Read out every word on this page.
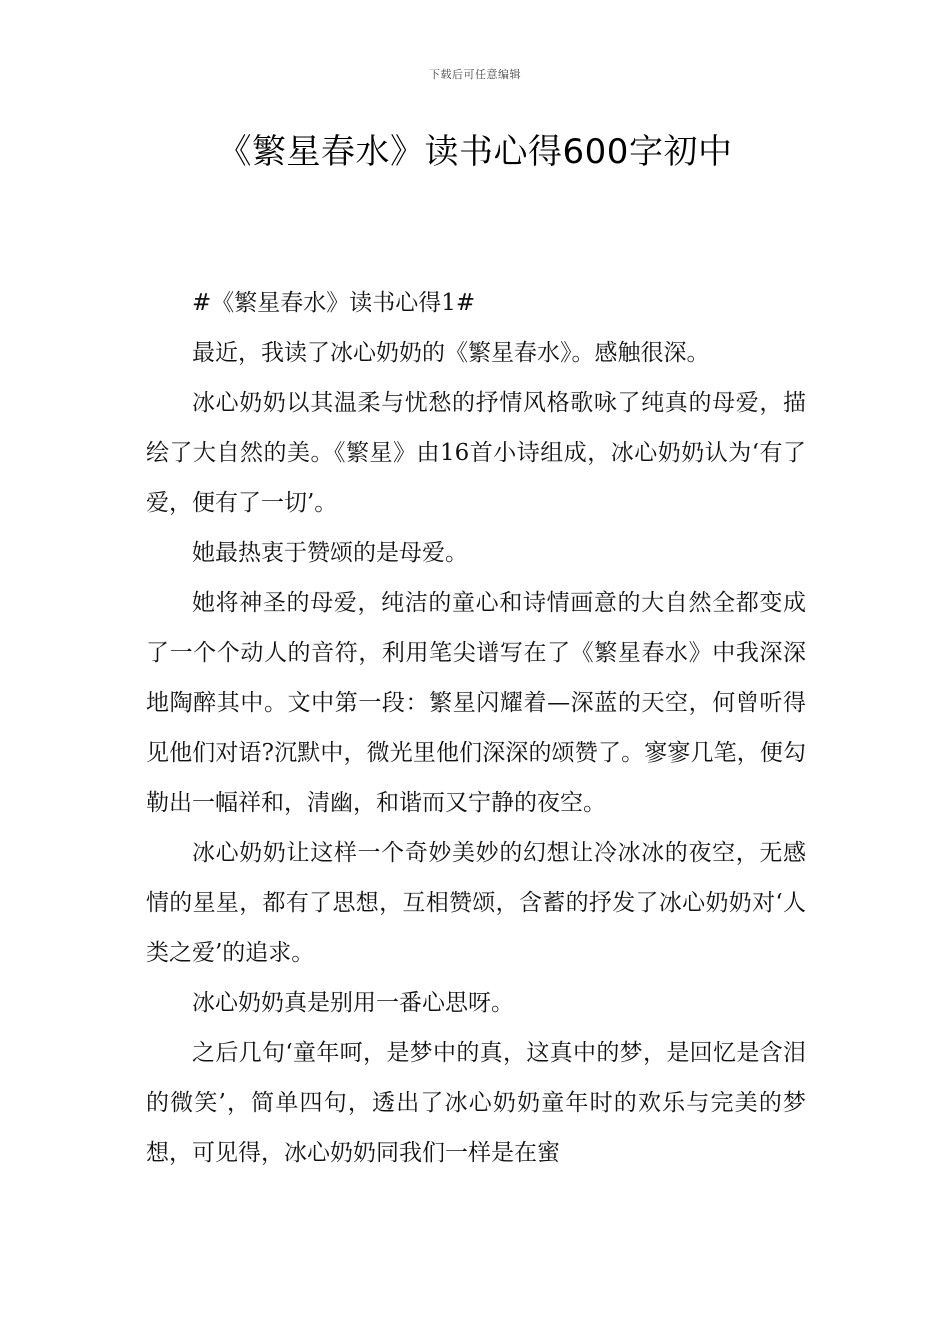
下载后可任意编辑
《繁星春水》读书心得600字初中

#《繁星春水》读书心得1#

最近，我读了冰心奶奶的《繁星春水》。感触很深。

冰心奶奶以其温柔与忧愁的抒情风格歌咏了纯真的母爱，描绘了大自然的美。《繁星》由16首小诗组成，冰心奶奶认为‘有了爱，便有了一切’。

她最热衷于赞颂的是母爱。

她将神圣的母爱，纯洁的童心和诗情画意的大自然全都变成了一个个动人的音符，利用笔尖谱写在了《繁星春水》中我深深地陶醉其中。文中第一段：繁星闪耀着—深蓝的天空，何曾听得见他们对语?沉默中，微光里他们深深的颂赞了。寥寥几笔，便勾勒出一幅祥和，清幽，和谐而又宁静的夜空。

冰心奶奶让这样一个奇妙美妙的幻想让冷冰冰的夜空，无感情的星星，都有了思想，互相赞颂，含蓄的抒发了冰心奶奶对‘人类之爱’的追求。

冰心奶奶真是别用一番心思呀。

之后几句‘童年呵，是梦中的真，这真中的梦，是回忆是含泪的微笑’，简单四句，透出了冰心奶奶童年时的欢乐与完美的梦想，可见得，冰心奶奶同我们一样是在蜜
